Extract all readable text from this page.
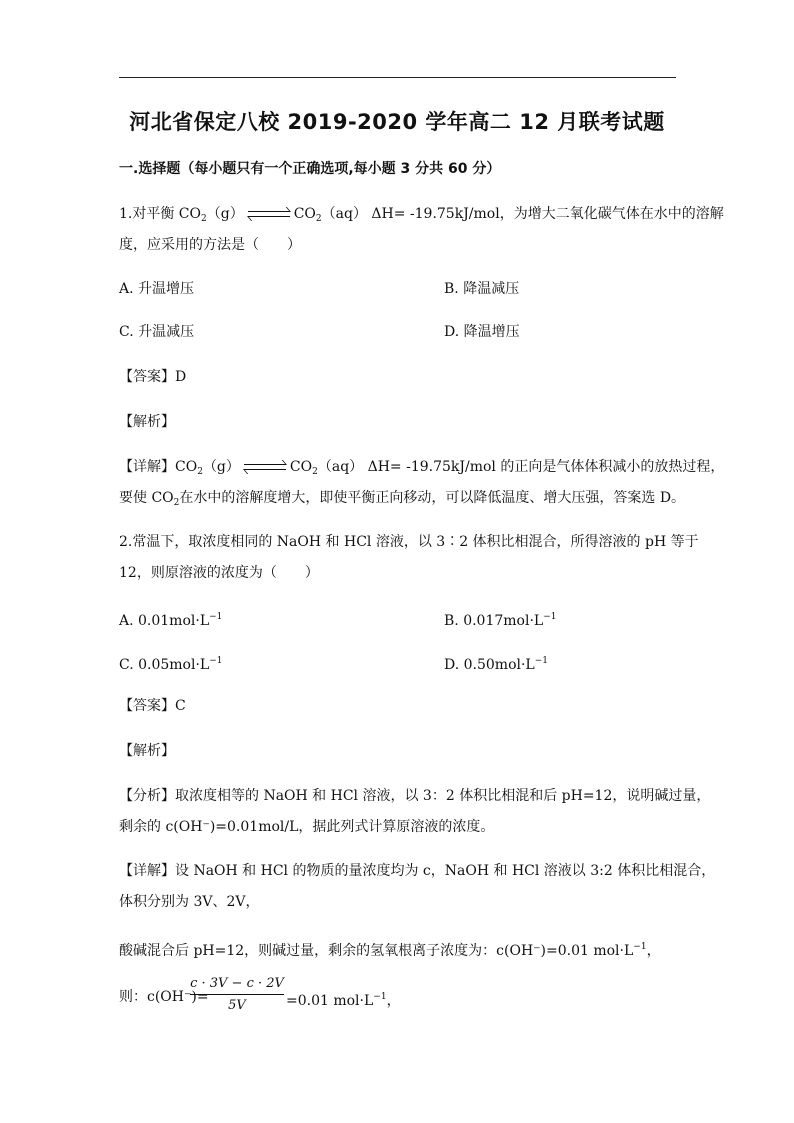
河北省保定八校 2019-2020 学年高二 12 月联考试题
一.选择题（每小题只有一个正确选项,每小题 3 分共 60 分）
1.对平衡 $CO_2(g)$	$CO_2(aq)$ ΔH= -19.75kJ/mol，为增大二氧化碳气体在水中的溶解
度，应采用的方法是（　　）
A. 升温增压	B. 降温减压
C. 升温减压	D. 降温增压
【答案】D
【解析】
【详解】$CO_2(g)$	$CO_2(aq)$ ΔH= -19.75kJ/mol 的正向是气体体积减小的放热过程，
要使 $CO_2$在水中的溶解度增大，即使平衡正向移动，可以降低温度、增大压强，答案选 D。
2.常温下，取浓度相同的 NaOH 和 HCl 溶液，以 3∶2 体积比相混合，所得溶液的 pH 等于
12，则原溶液的浓度为（　　）
A. $0.01mol\cdot L^{-1}$	B. $0.017mol\cdot L^{-1}$
C. $0.05mol\cdot L^{-1}$	D. $0.50mol\cdot L^{-1}$
【答案】C
【解析】
【分析】取浓度相等的 NaOH 和 HCl 溶液，以 3：2 体积比相混和后 pH=12，说明碱过量，
剩余的 c(OH⁻)=0.01mol/L，据此列式计算原溶液的浓度。
【详解】设 NaOH 和 HCl 的物质的量浓度均为 c，NaOH 和 HCl 溶液以 3:2 体积比相混合，
体积分别为 3V、2V，
酸碱混合后 pH=12，则碱过量，剩余的氢氧根离子浓度为：c(OH⁻)=0.01 $mol\cdot L^{-1}$，
则：c(OH⁻)=
c · 3V − c · 2V
5V	=0.01 $mol\cdot L^{-1}$，
